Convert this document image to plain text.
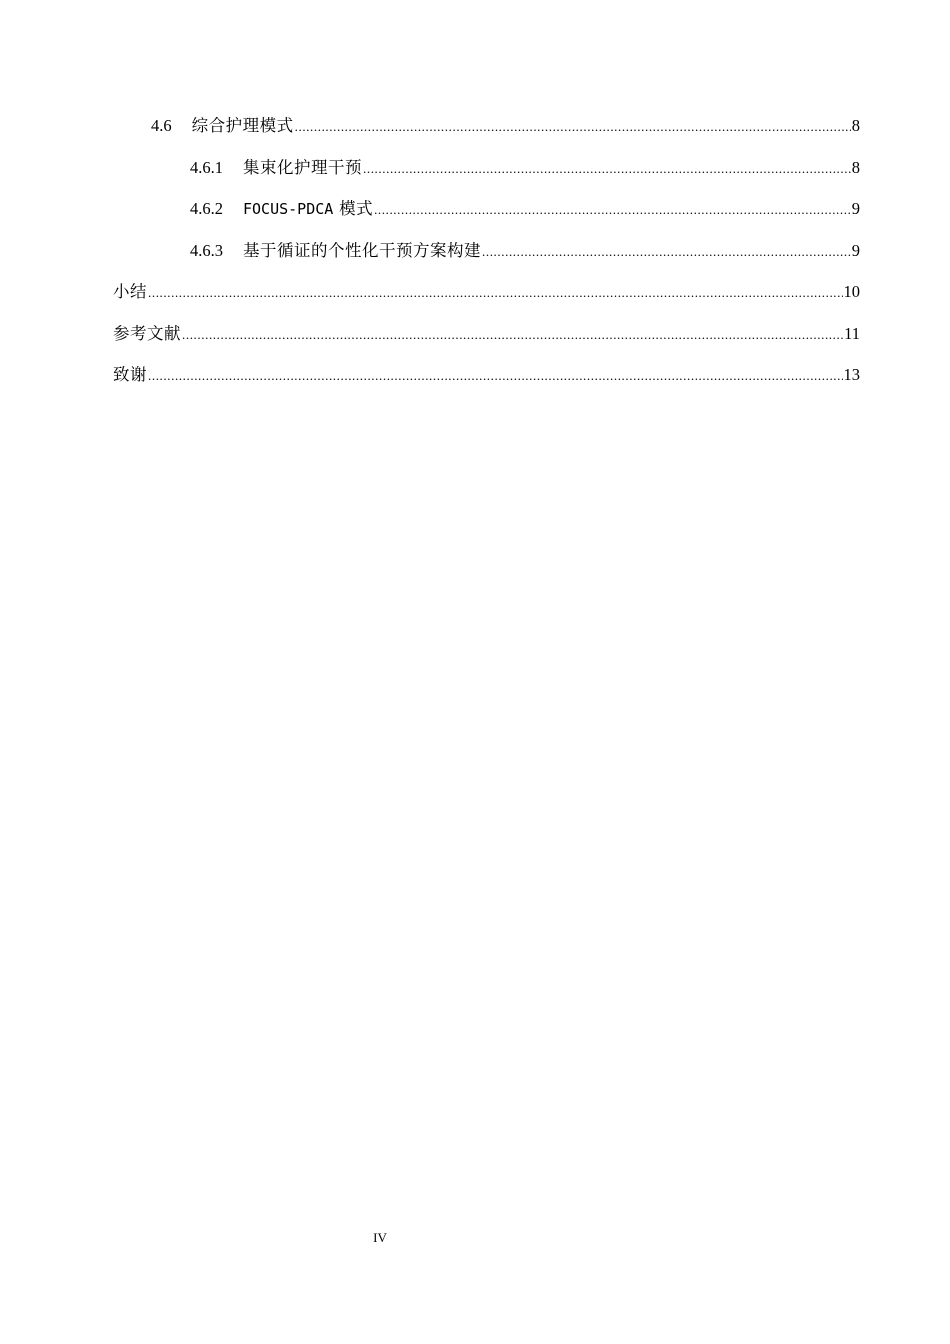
4.6 综合护理模式 .....	8
4.6.1 集束化护理干预 .....	8
4.6.2 FOCUS-PDCA 模式 .....	9
4.6.3 基于循证的个性化干预方案构建 .....	9
小结 .....	10
参考文献 .....	11
致谢 .....	13
IV
